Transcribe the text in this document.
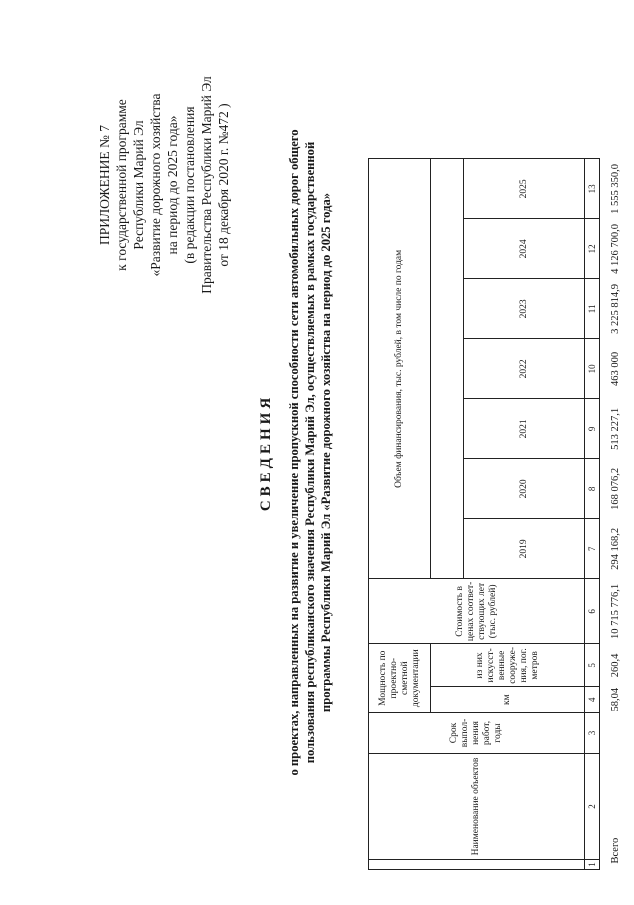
ПРИЛОЖЕНИЕ № 7 к государственной программе Республики Марий Эл «Развитие дорожного хозяйства на период до 2025 года» (в редакции постановления Правительства Республики Марий Эл от 18 декабря 2020 г. №472 )
СВЕДЕНИЯ о проектах, направленных на развитие и увеличение пропускной способности сети автомобильных дорог общего пользования республиканского значения Республики Марий Эл, осуществляемых в рамках государственной программы Республики Марий Эл «Развитие дорожного хозяйства на период до 2025 года»
	Наименование объектов	Срок выпол-нения работ, годы	Мощность по проектно-сметной документации		Стоимость в ценах соответ-ствующих лет (тыс. рублей)	Объем финансирования, тыс. рублей, в том числе по годам						
			км	из них искусст-венные сооруже-ния, пог. метров								
						2019	2020	2021	2022	2023	2024	2025
1	2	3	4	5	6	7	8	9	10	11	12	13
Всего			58,04	260,4	10 715 776,1	294 168,2	168 076,2	513 227,1	463 000	3 225 814,9	4 126 700,0	1 555 350,0
